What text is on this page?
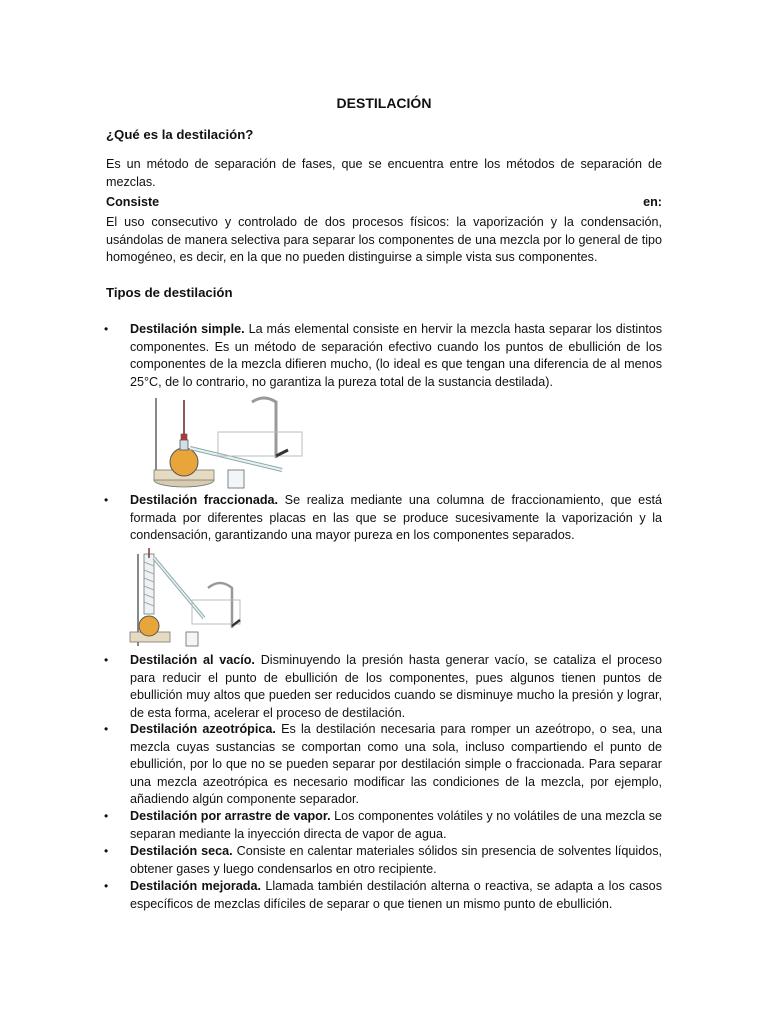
DESTILACIÓN
¿Qué es la destilación?
Es un método de separación de fases, que se encuentra entre los métodos de separación de mezclas.
Consiste	en:
El uso consecutivo y controlado de dos procesos físicos: la vaporización y la condensación, usándolas de manera selectiva para separar los componentes de una mezcla por lo general de tipo homogéneo, es decir, en la que no pueden distinguirse a simple vista sus componentes.
Tipos de destilación
•	Destilación simple. La más elemental consiste en hervir la mezcla hasta separar los distintos componentes. Es un método de separación efectivo cuando los puntos de ebullición de los componentes de la mezcla difieren mucho, (lo ideal es que tengan una diferencia de al menos 25°C, de lo contrario, no garantiza la pureza total de la sustancia destilada).
•	Destilación fraccionada. Se realiza mediante una columna de fraccionamiento, que está formada por diferentes placas en las que se produce sucesivamente la vaporización y la condensación, garantizando una mayor pureza en los componentes separados.
•	Destilación al vacío. Disminuyendo la presión hasta generar vacío, se cataliza el proceso para reducir el punto de ebullición de los componentes, pues algunos tienen puntos de ebullición muy altos que pueden ser reducidos cuando se disminuye mucho la presión y lograr, de esta forma, acelerar el proceso de destilación.
•	Destilación azeotrópica. Es la destilación necesaria para romper un azeótropo, o sea, una mezcla cuyas sustancias se comportan como una sola, incluso compartiendo el punto de ebullición, por lo que no se pueden separar por destilación simple o fraccionada. Para separar una mezcla azeotrópica es necesario modificar las condiciones de la mezcla, por ejemplo, añadiendo algún componente separador.
•	Destilación por arrastre de vapor. Los componentes volátiles y no volátiles de una mezcla se separan mediante la inyección directa de vapor de agua.
•	Destilación seca. Consiste en calentar materiales sólidos sin presencia de solventes líquidos, obtener gases y luego condensarlos en otro recipiente.
•	Destilación mejorada. Llamada también destilación alterna o reactiva, se adapta a los casos específicos de mezclas difíciles de separar o que tienen un mismo punto de ebullición.
